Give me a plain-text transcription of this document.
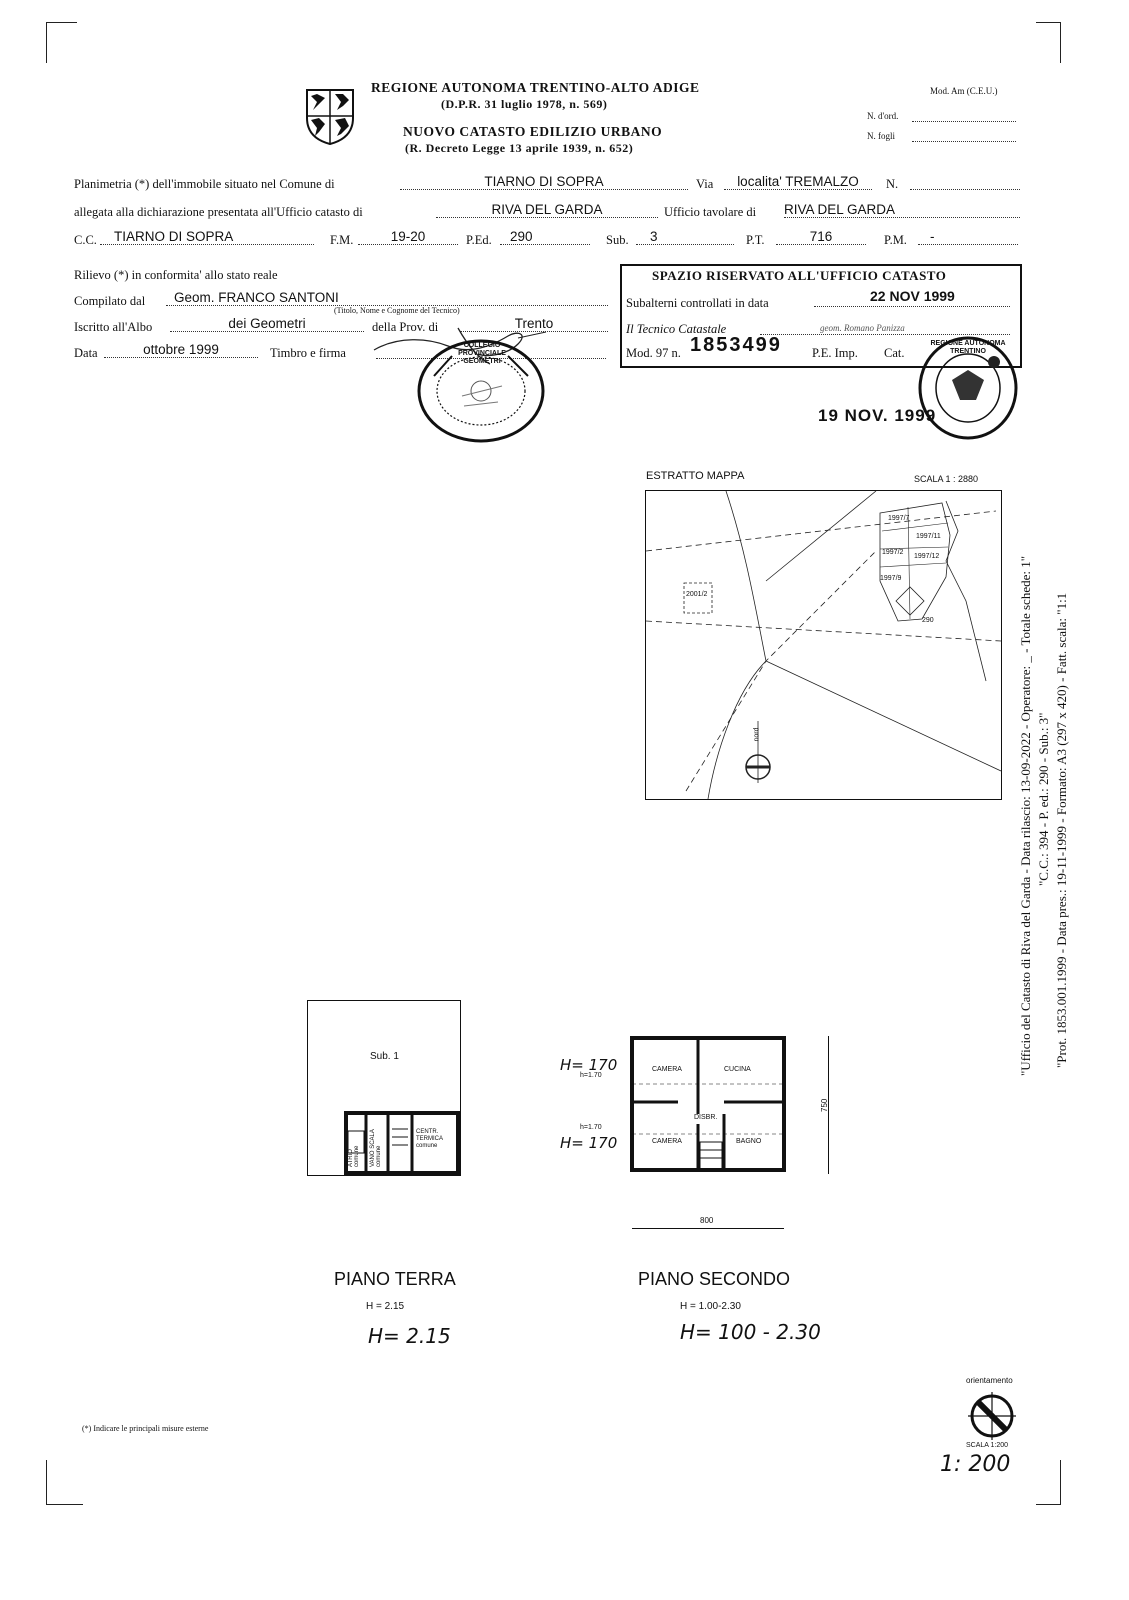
REGIONE AUTONOMA TRENTINO-ALTO ADIGE
(D.P.R. 31 luglio 1978, n. 569)
NUOVO CATASTO EDILIZIO URBANO
(R. Decreto Legge 13 aprile 1939, n. 652)
Mod. Am (C.E.U.)
N. d'ord.
N. fogli
Planimetria (*) dell'immobile situato nel Comune di	TIARNO DI SOPRA	Via	localita' TREMALZO	N.
allegata alla dichiarazione presentata all'Ufficio catasto di	RIVA DEL GARDA	Ufficio tavolare di RIVA DEL GARDA
C.C.	TIARNO DI SOPRA	F.M.	19-20	P.Ed.	290	Sub.	3	P.T.	716	P.M.	-
Rilievo (*) in conformita' allo stato reale
Compilato dal	Geom. FRANCO SANTONI
(Titolo, Nome e Cognome del Tecnico)
Iscritto all'Albo	dei Geometri	della Prov. di	Trento
Data	ottobre 1999	Timbro e firma
COLLEGIO PROVINCIALE GEOMETRI
SPAZIO RISERVATO ALL'UFFICIO CATASTO
Subalterni controllati in data	22 NOV 1999
Il Tecnico Catastale	geom. Romano Panizza
Mod. 97 n. 1853499 P.E. Imp. Cat.
REGIONE AUTONOMA TRENTINO
19 NOV. 1999
ESTRATTO MAPPA	SCALA 1 : 2880
1997/7
1997/11
1997/2
1997/12
1997/9
2001/2
290
nord
Sub. 1
ATRIO comune VANO SCALA comune
CENTR. TERMICA comune
PIANO TERRA
H = 2.15
H= 2.15
CAMERA	CUCINA
DISBR.
CAMERA	BAGNO
H= 170
h=1.70
h=1.70
H= 170
750
800
PIANO SECONDO
H = 1.00-2.30
H= 100 - 2.30
(*) Indicare le principali misure esterne
orientamento
SCALA 1:200
1: 200
"Ufficio del Catasto di Riva del Garda - Data rilascio: 13-09-2022 - Operatore: _ - Totale schede: 1" "C.C.: 394 - P. ed.: 290 - Sub.: 3" "Prot. 1853.001.1999 - Data pres.: 19-11-1999 - Formato: A3 (297 x 420) - Fatt. scala: "1:1
